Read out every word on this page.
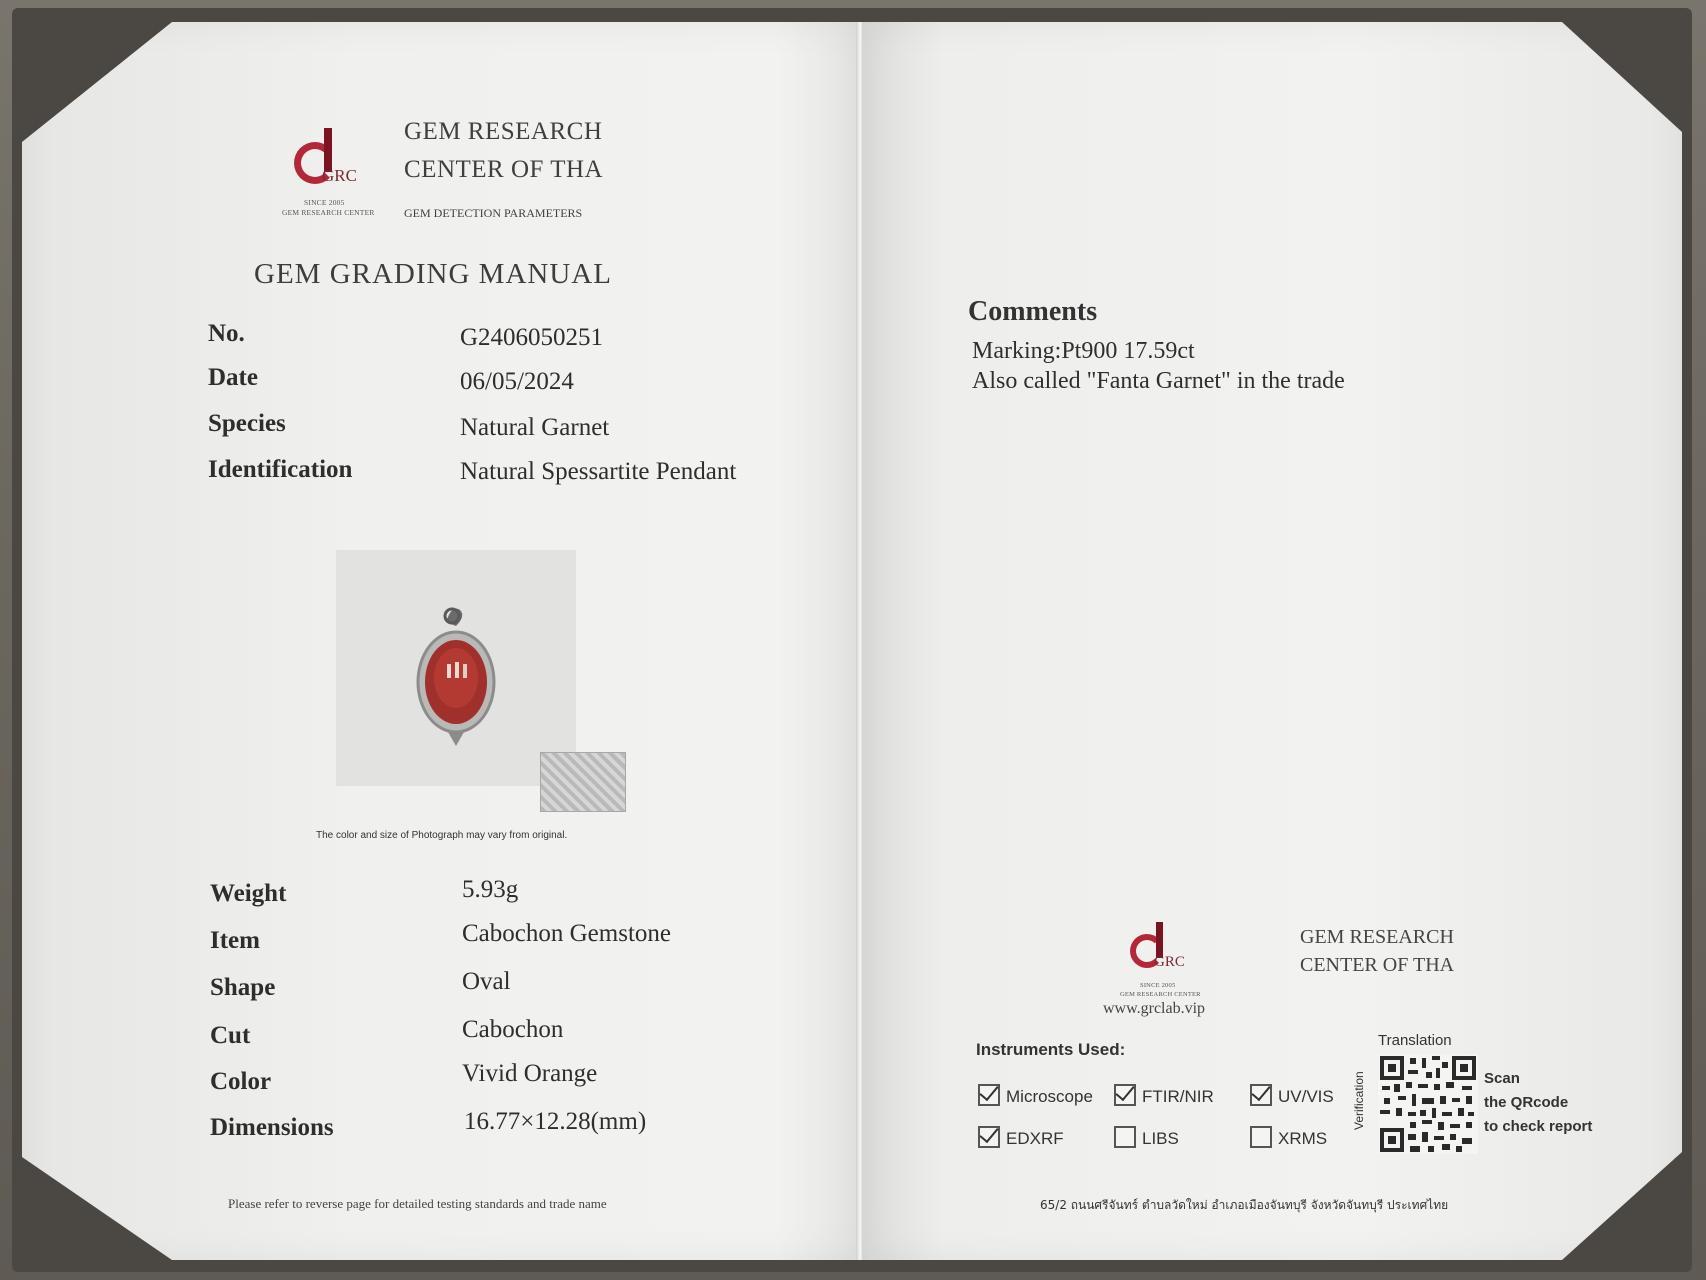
GRC
SINCE 2005
GEM RESEARCH CENTER
GEM RESEARCH
CENTER OF THA
GEM DETECTION PARAMETERS
GEM GRADING MANUAL
No.	G2406050251
Date	06/05/2024
Species	Natural Garnet
Identification	Natural Spessartite Pendant
The color and size of Photograph may vary from original.
Weight	5.93g
Item	Cabochon Gemstone
Shape	Oval
Cut	Cabochon
Color	Vivid Orange
Dimensions	16.77×12.28(mm)
Please refer to reverse page for detailed testing standards and trade name
Comments
Marking:Pt900 17.59ct
Also called "Fanta Garnet" in the trade
GRC
SINCE 2005
GEM RESEARCH CENTER
www.grclab.vip
GEM RESEARCH
CENTER OF THA
Instruments Used:
Microscope	FTIR/NIR	UV/VIS
EDXRF	LIBS	XRMS
Translation
Verification	Scan
the QRcode
to check report
65/2 ถนนศรีจันทร์ ตำบลวัดใหม่ อำเภอเมืองจันทบุรี จังหวัดจันทบุรี ประเทศไทย
